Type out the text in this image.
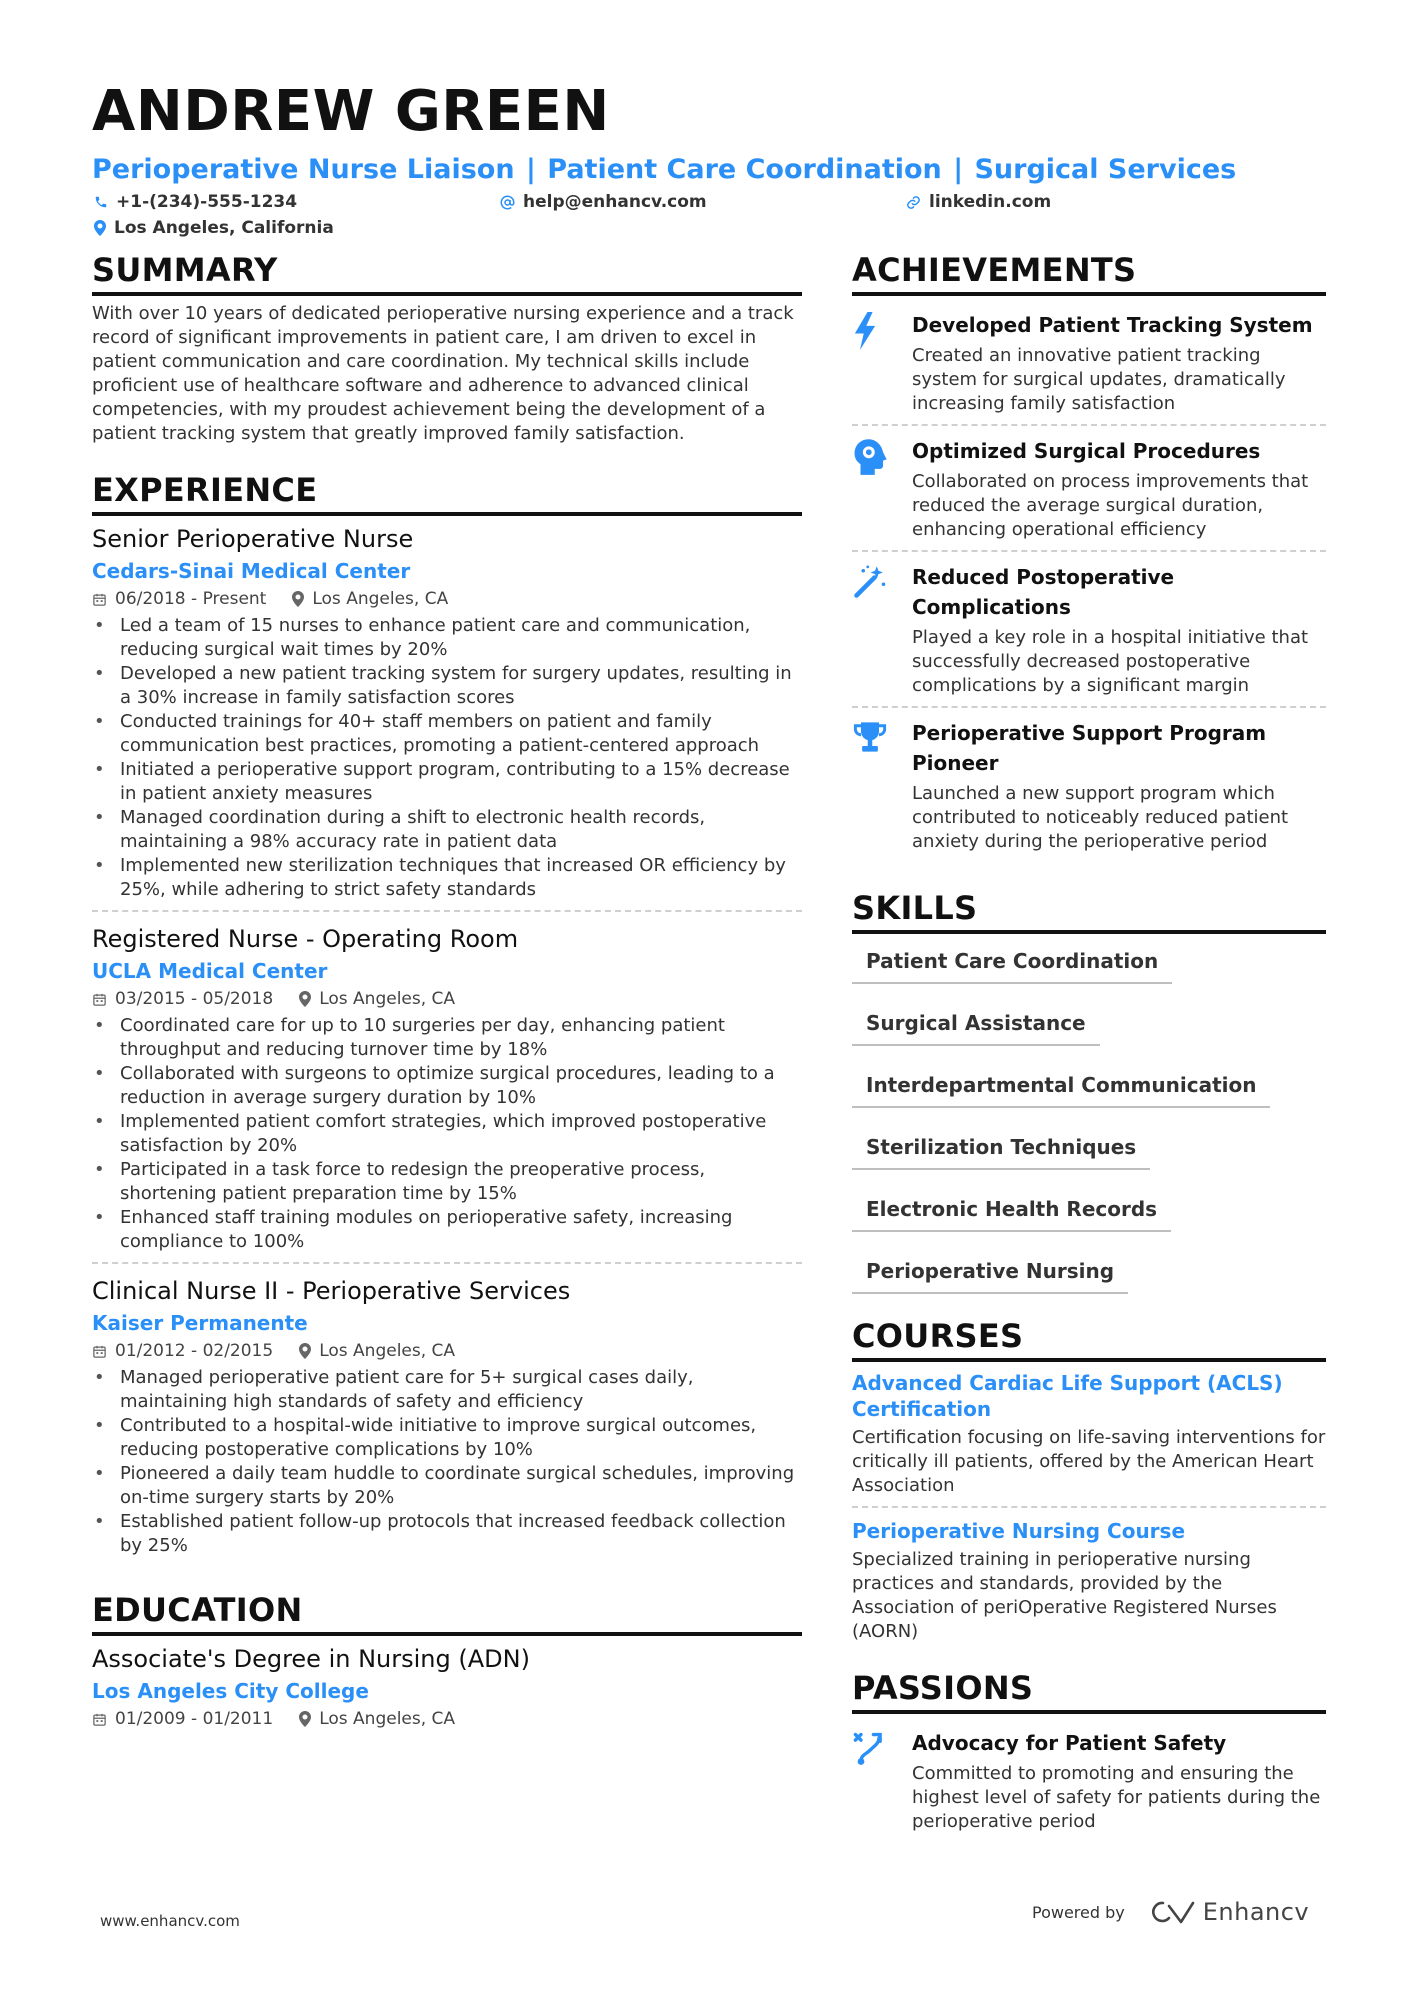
ANDREW GREEN
Perioperative Nurse Liaison | Patient Care Coordination | Surgical Services
+1-(234)-555-1234	help@enhancv.com	linkedin.com
Los Angeles, California
SUMMARY
With over 10 years of dedicated perioperative nursing experience and a track record of significant improvements in patient care, I am driven to excel in patient communication and care coordination. My technical skills include proficient use of healthcare software and adherence to advanced clinical competencies, with my proudest achievement being the development of a patient tracking system that greatly improved family satisfaction.
EXPERIENCE
Senior Perioperative Nurse
Cedars-Sinai Medical Center
06/2018 - Present	Los Angeles, CA
• Led a team of 15 nurses to enhance patient care and communication, reducing surgical wait times by 20%
• Developed a new patient tracking system for surgery updates, resulting in a 30% increase in family satisfaction scores
• Conducted trainings for 40+ staff members on patient and family communication best practices, promoting a patient-centered approach
• Initiated a perioperative support program, contributing to a 15% decrease in patient anxiety measures
• Managed coordination during a shift to electronic health records, maintaining a 98% accuracy rate in patient data
• Implemented new sterilization techniques that increased OR efficiency by 25%, while adhering to strict safety standards
Registered Nurse - Operating Room
UCLA Medical Center
03/2015 - 05/2018	Los Angeles, CA
• Coordinated care for up to 10 surgeries per day, enhancing patient throughput and reducing turnover time by 18%
• Collaborated with surgeons to optimize surgical procedures, leading to a reduction in average surgery duration by 10%
• Implemented patient comfort strategies, which improved postoperative satisfaction by 20%
• Participated in a task force to redesign the preoperative process, shortening patient preparation time by 15%
• Enhanced staff training modules on perioperative safety, increasing compliance to 100%
Clinical Nurse II - Perioperative Services
Kaiser Permanente
01/2012 - 02/2015	Los Angeles, CA
• Managed perioperative patient care for 5+ surgical cases daily, maintaining high standards of safety and efficiency
• Contributed to a hospital-wide initiative to improve surgical outcomes, reducing postoperative complications by 10%
• Pioneered a daily team huddle to coordinate surgical schedules, improving on-time surgery starts by 20%
• Established patient follow-up protocols that increased feedback collection by 25%
EDUCATION
Associate's Degree in Nursing (ADN)
Los Angeles City College
01/2009 - 01/2011	Los Angeles, CA
ACHIEVEMENTS
Developed Patient Tracking System
Created an innovative patient tracking system for surgical updates, dramatically increasing family satisfaction
Optimized Surgical Procedures
Collaborated on process improvements that reduced the average surgical duration, enhancing operational efficiency
Reduced Postoperative Complications
Played a key role in a hospital initiative that successfully decreased postoperative complications by a significant margin
Perioperative Support Program Pioneer
Launched a new support program which contributed to noticeably reduced patient anxiety during the perioperative period
SKILLS
Patient Care Coordination
Surgical Assistance
Interdepartmental Communication
Sterilization Techniques
Electronic Health Records
Perioperative Nursing
COURSES
Advanced Cardiac Life Support (ACLS) Certification
Certification focusing on life-saving interventions for critically ill patients, offered by the American Heart Association
Perioperative Nursing Course
Specialized training in perioperative nursing practices and standards, provided by the Association of periOperative Registered Nurses (AORN)
PASSIONS
Advocacy for Patient Safety
Committed to promoting and ensuring the highest level of safety for patients during the perioperative period
www.enhancv.com	Powered by	Enhancv
